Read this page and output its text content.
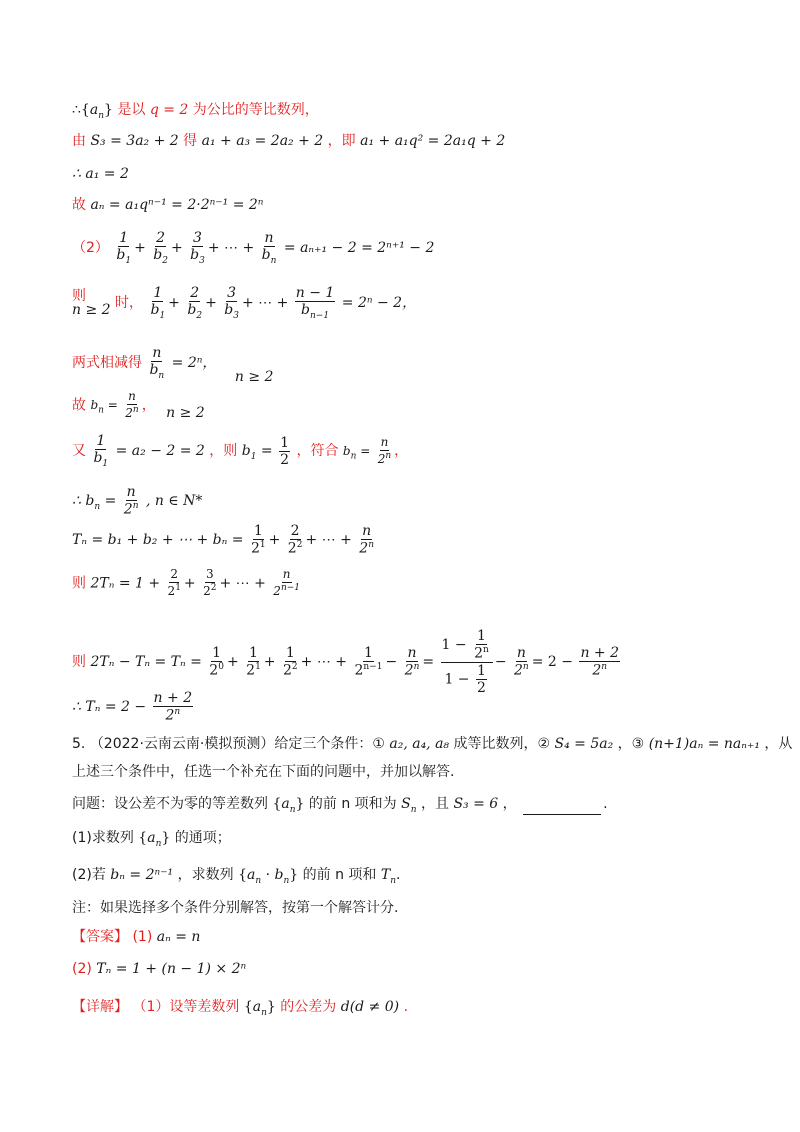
$\therefore\{a_n\}$ 是以 q = 2 为公比的等比数列，
由 S₃ = 3a₂ + 2 得 a₁ + a₃ = 2a₂ + 2 ，即 a₁ + a₁q² = 2a₁q + 2
∴ a₁ = 2
故 aₙ = a₁qⁿ⁻¹ = 2·2ⁿ⁻¹ = 2ⁿ
$(2) \frac{1}{b_1} + \frac{2}{b_2} + \frac{3}{b_3}$ + ⋯ + $\frac{n}{b_n} = a_{n+1} - 2 = 2^{n+1} - 2$
则
n ≥ 2 时， $\frac{1}{b_1} + \frac{2}{b_2} + \frac{3}{b_3}$ + ⋯ + $\frac{n - 1}{b_{n-1}} = 2^n - 2$，
两式相减得 $\frac{n}{b_n} = 2^n$， n ≥ 2
故 $b_n = \frac{n}{2^n}$ ， n ≥ 2
又 $\frac{1}{b_1} = a_2 - 2 = 2$ ，则 $b_1 = \frac{1}{2}$ ，符合 $b_n = \frac{n}{2^n}$ ，
∴ $b_n = \frac{n}{2^n}$ , n ∈ N*
Tₙ = b₁ + b₂ + ⋯ + $b_n = \frac{1}{2^1} + \frac{2}{2^2}$ + ⋯ + $\frac{n}{2^n}$
则 $2T_n = 1 + \frac{2}{2^1} + \frac{3}{2^2}$ + ⋯ + $\frac{n}{2^{n-1}}$
则 $2T_n - T_n = T_n = \frac{1}{2^0} + \frac{1}{2^1} + \frac{1}{2^2}$ + ⋯ + $\frac{1}{2^{n-1}} - \frac{n}{2^n} = \frac{1 - \frac{1}{2^n}}{1 - \frac{1}{2}} - \frac{n}{2^n} = 2 - \frac{n + 2}{2^n}$
∴ $T_n = 2 - \frac{n + 2}{2^n}$
5. （2022·云南云南·模拟预测）给定三个条件：① a₂, a₄, a₈ 成等比数列，② S₄ = 5a₂ ，③ (n+1)aₙ = naₙ₊₁ ，从
上述三个条件中，任选一个补充在下面的问题中，并加以解答.
问题：设公差不为零的等差数列 $\{a_n\}$ 的前 n 项和为 $S_n$ ，且 S₃ = 6 ，	.
(1)求数列 $\{a_n\}$ 的通项；
(2)若 bₙ = 2ⁿ⁻¹ ，求数列 $\{a_n \cdot b_n\}$ 的前 n 项和 $T_n$.
注：如果选择多个条件分别解答，按第一个解答计分.
【答案】 (1) aₙ = n
(2) Tₙ = 1 + (n − 1) × 2ⁿ
【详解】 （1）设等差数列 $\{a_n\}$ 的公差为 d(d ≠ 0) .
